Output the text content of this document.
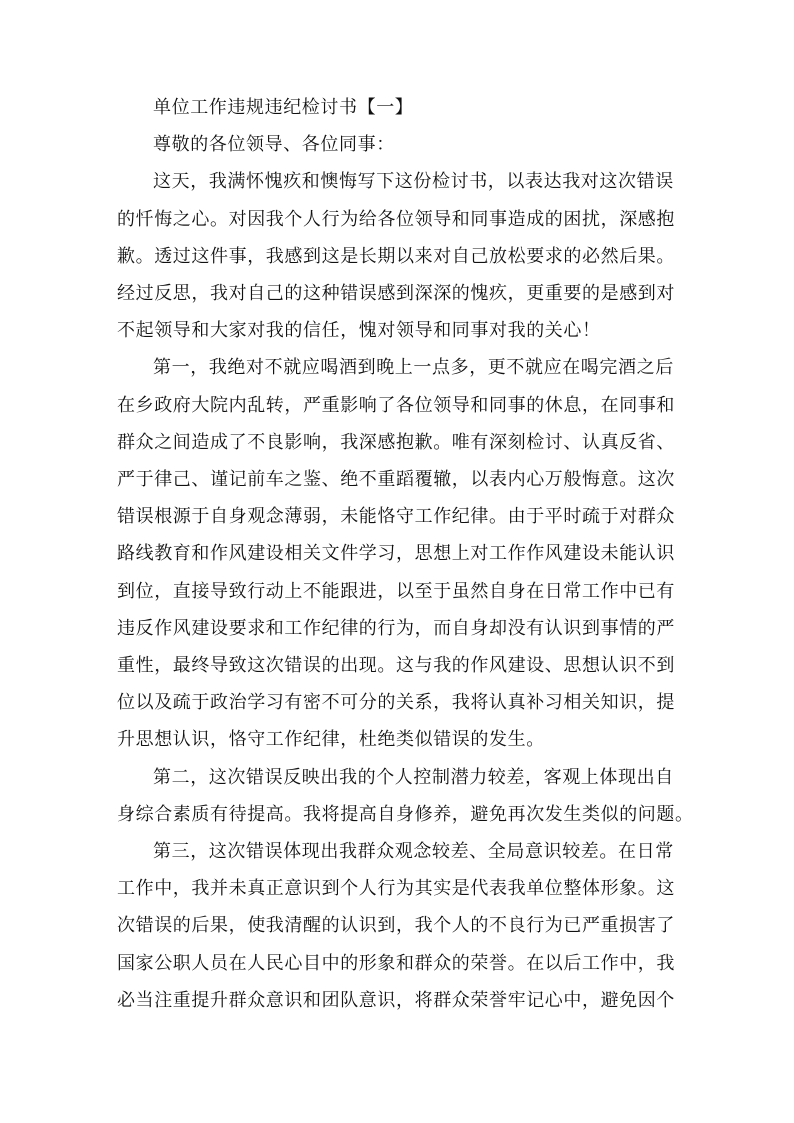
单位工作违规违纪检讨书【一】
尊敬的各位领导、各位同事：
这天，我满怀愧疚和懊悔写下这份检讨书，以表达我对这次错误
的忏悔之心。对因我个人行为给各位领导和同事造成的困扰，深感抱
歉。透过这件事，我感到这是长期以来对自己放松要求的必然后果。
经过反思，我对自己的这种错误感到深深的愧疚，更重要的是感到对
不起领导和大家对我的信任，愧对领导和同事对我的关心！
第一，我绝对不就应喝酒到晚上一点多，更不就应在喝完酒之后
在乡政府大院内乱转，严重影响了各位领导和同事的休息，在同事和
群众之间造成了不良影响，我深感抱歉。唯有深刻检讨、认真反省、
严于律己、谨记前车之鉴、绝不重蹈覆辙，以表内心万般悔意。这次
错误根源于自身观念薄弱，未能恪守工作纪律。由于平时疏于对群众
路线教育和作风建设相关文件学习，思想上对工作作风建设未能认识
到位，直接导致行动上不能跟进，以至于虽然自身在日常工作中已有
违反作风建设要求和工作纪律的行为，而自身却没有认识到事情的严
重性，最终导致这次错误的出现。这与我的作风建设、思想认识不到
位以及疏于政治学习有密不可分的关系，我将认真补习相关知识，提
升思想认识，恪守工作纪律，杜绝类似错误的发生。
第二，这次错误反映出我的个人控制潜力较差，客观上体现出自
身综合素质有待提高。我将提高自身修养，避免再次发生类似的问题。
第三，这次错误体现出我群众观念较差、全局意识较差。在日常
工作中，我并未真正意识到个人行为其实是代表我单位整体形象。这
次错误的后果，使我清醒的认识到，我个人的不良行为已严重损害了
国家公职人员在人民心目中的形象和群众的荣誉。在以后工作中，我
必当注重提升群众意识和团队意识，将群众荣誉牢记心中，避免因个
